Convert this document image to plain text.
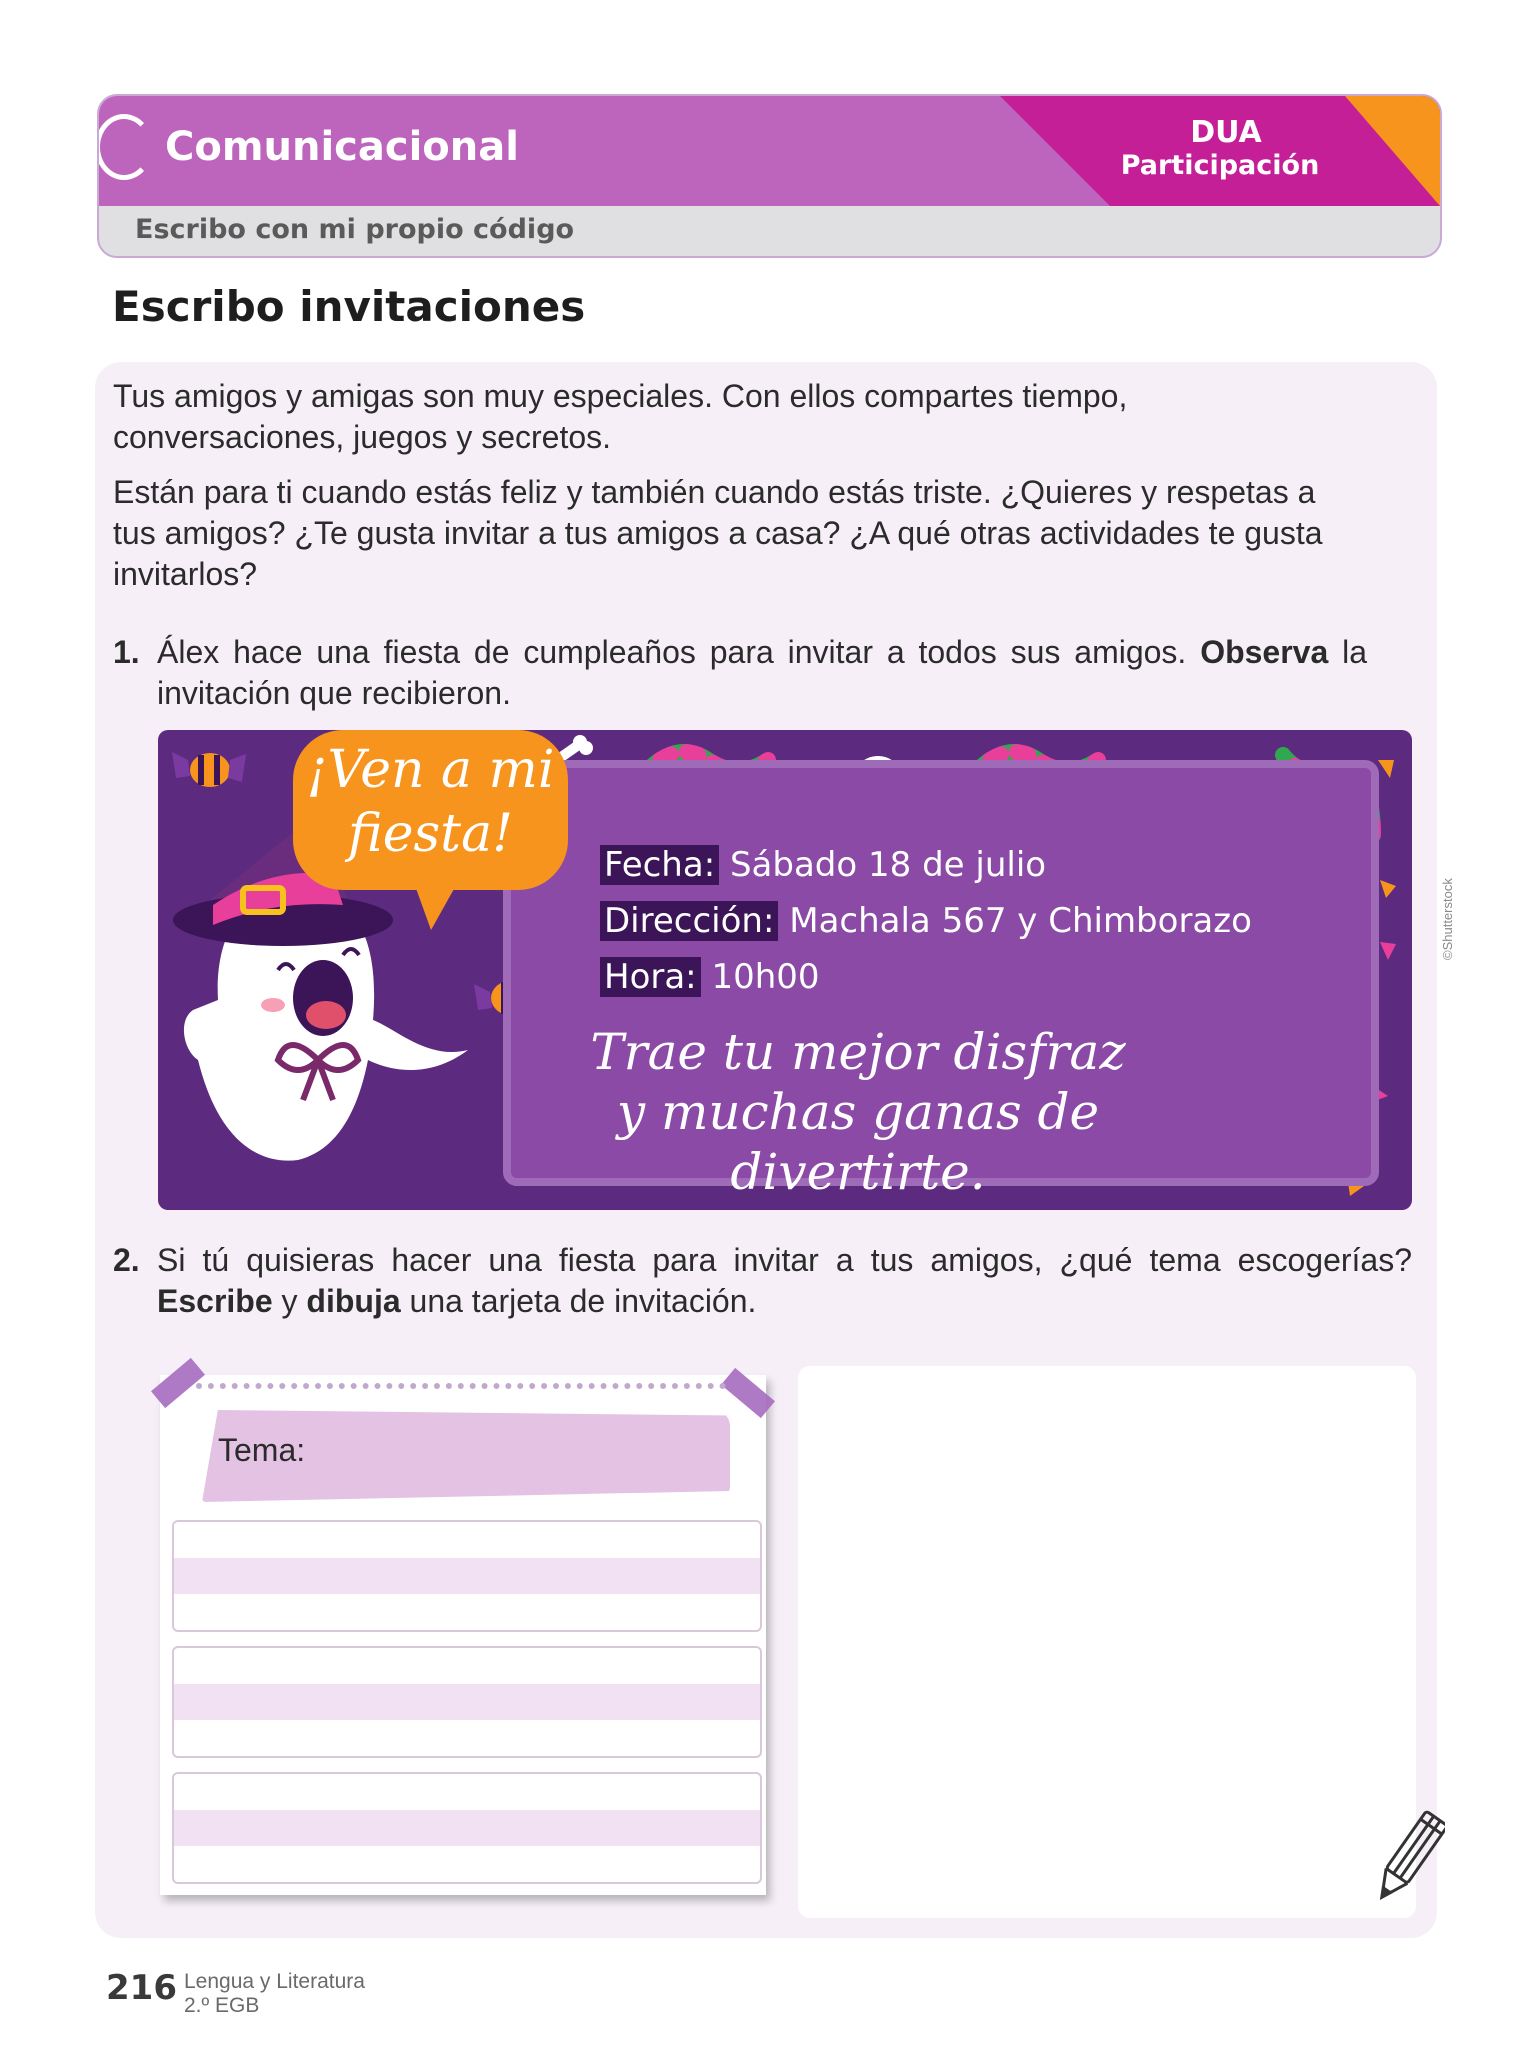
Comunicacional	DUA
Participación
Escribo con mi propio código
Escribo invitaciones
Tus amigos y amigas son muy especiales. Con ellos compartes tiempo, conversaciones, juegos y secretos.
Están para ti cuando estás feliz y también cuando estás triste. ¿Quieres y respetas a tus amigos? ¿Te gusta invitar a tus amigos a casa? ¿A qué otras actividades te gusta invitarlos?
1. Álex hace una fiesta de cumpleaños para invitar a todos sus amigos. Observa la invitación que recibieron.
¡Ven a mi fiesta!
Fecha: Sábado 18 de julio
Dirección: Machala 567 y Chimborazo
Hora: 10h00
Trae tu mejor disfraz
y muchas ganas de divertirte.
©Shutterstock
2. Si tú quisieras hacer una fiesta para invitar a tus amigos, ¿qué tema escogerías? Escribe y dibuja una tarjeta de invitación.
Tema:
216 Lengua y Literatura
2.º EGB
